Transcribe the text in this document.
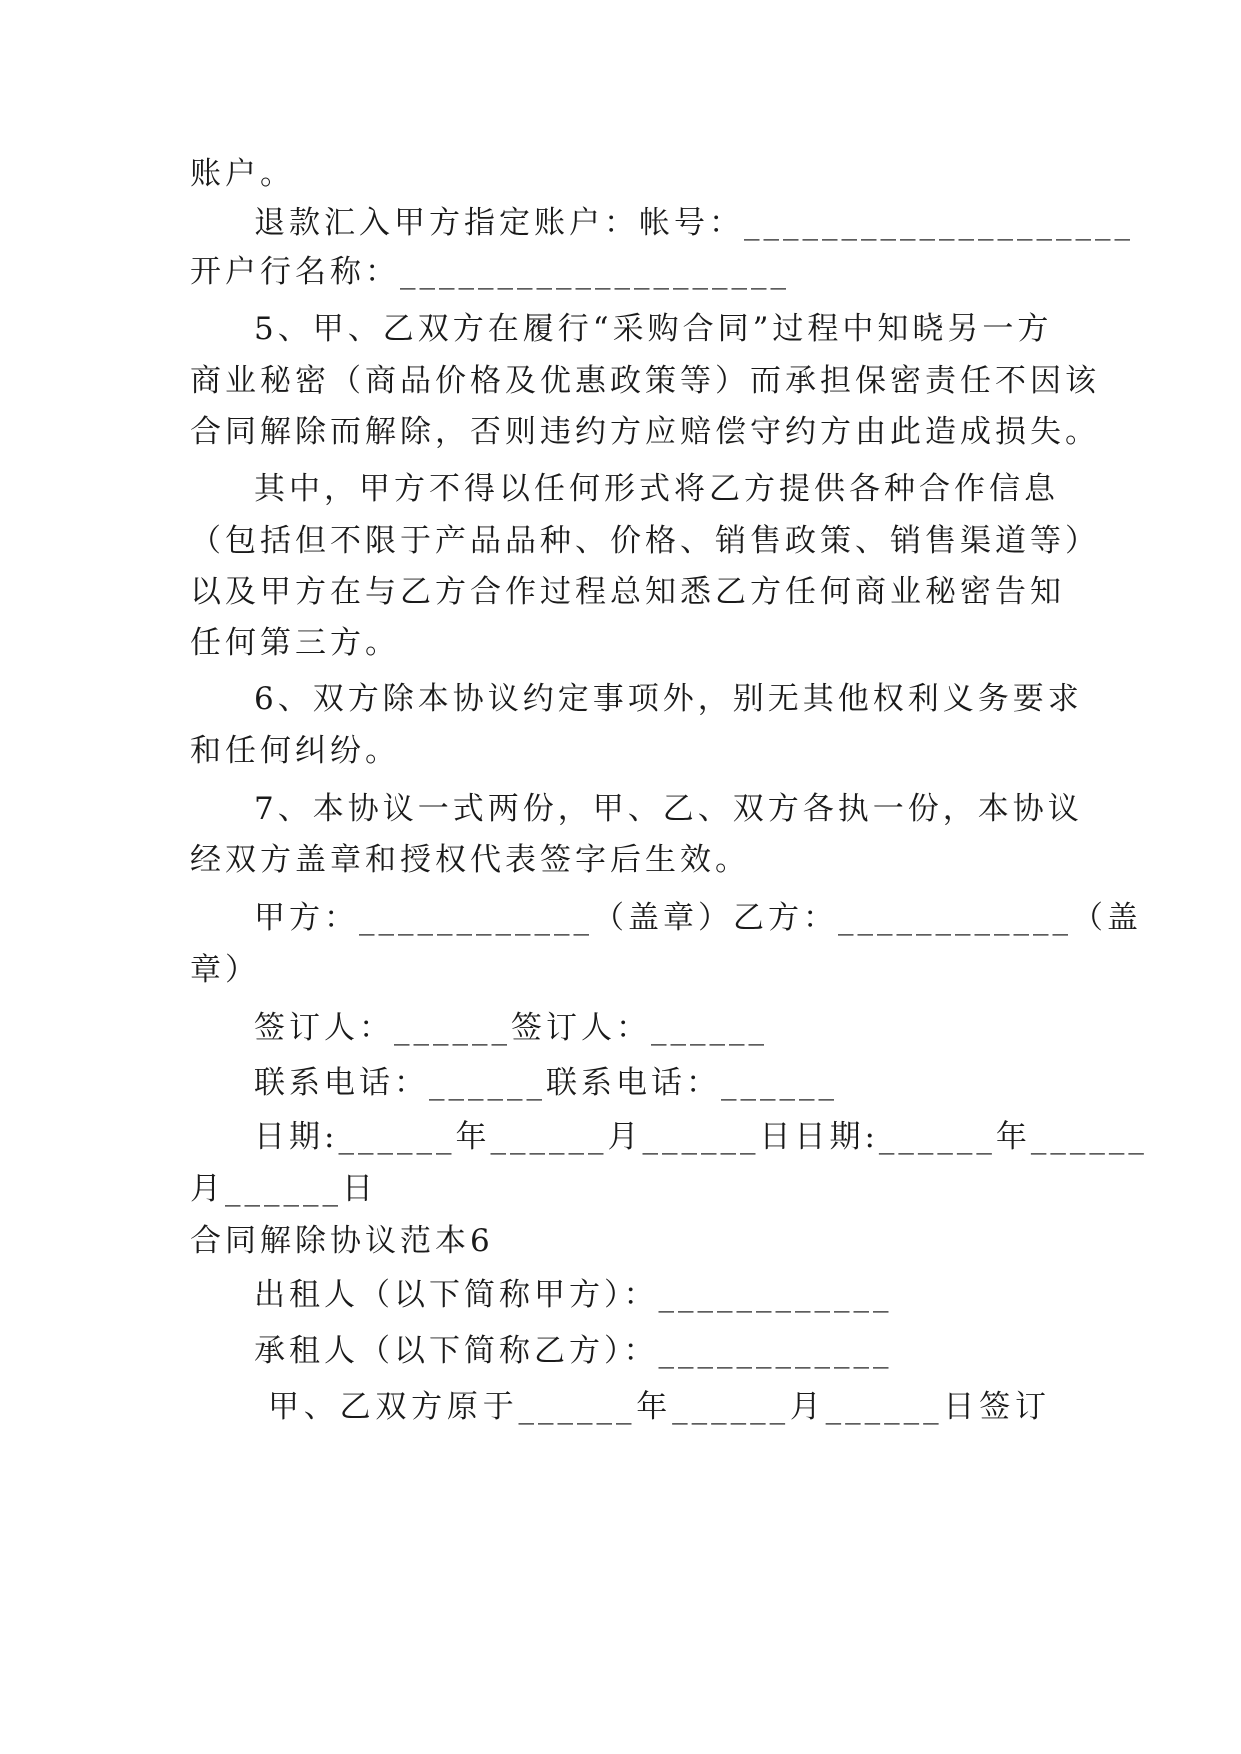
账户。
退款汇入甲方指定账户：帐号：____________________
开户行名称：____________________
5、甲、乙双方在履行“采购合同”过程中知晓另一方
商业秘密（商品价格及优惠政策等）而承担保密责任不因该
合同解除而解除，否则违约方应赔偿守约方由此造成损失。
其中，甲方不得以任何形式将乙方提供各种合作信息
（包括但不限于产品品种、价格、销售政策、销售渠道等）
以及甲方在与乙方合作过程总知悉乙方任何商业秘密告知
任何第三方。
6、双方除本协议约定事项外，别无其他权利义务要求
和任何纠纷。
7、本协议一式两份，甲、乙、双方各执一份，本协议
经双方盖章和授权代表签字后生效。
甲方：____________（盖章）乙方：____________（盖
章）
签订人：______签订人：______
联系电话：______联系电话：______
日期:______年______月______日日期:______年______
月______日
合同解除协议范本6
出租人（以下简称甲方）：____________
承租人（以下简称乙方）：____________
甲、乙双方原于______年______月______日签订
